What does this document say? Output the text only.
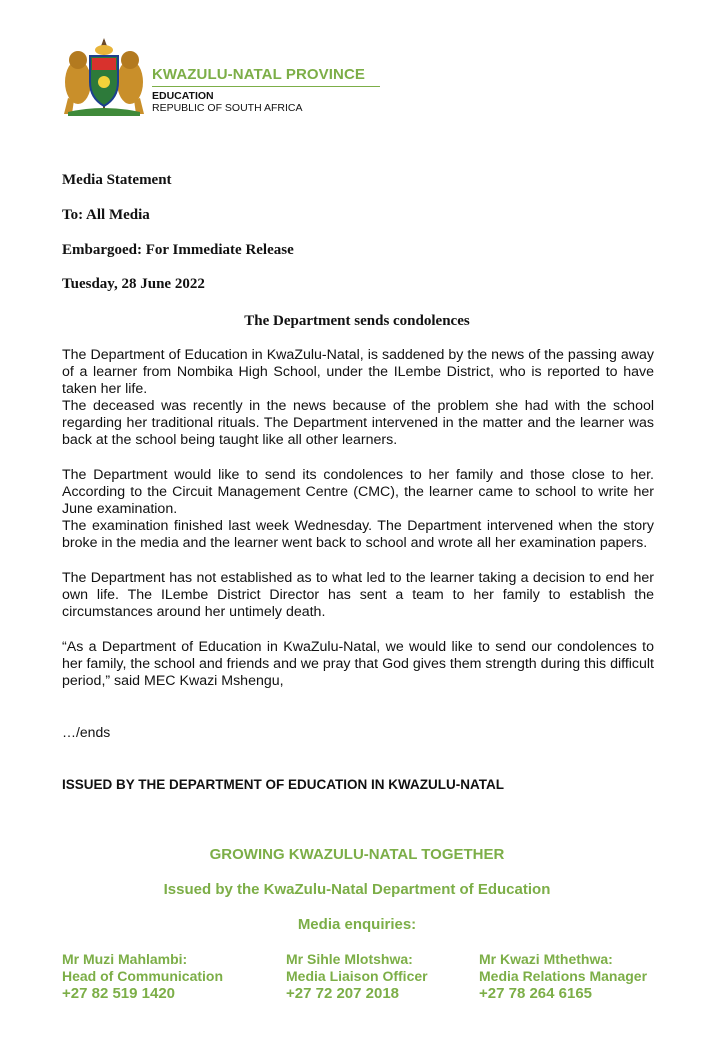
KWAZULU-NATAL PROVINCE
EDUCATION
REPUBLIC OF SOUTH AFRICA
Media Statement
To: All Media
Embargoed: For Immediate Release
Tuesday, 28 June 2022
The Department sends condolences
The Department of Education in KwaZulu-Natal, is saddened by the news of the passing away of a learner from Nombika High School, under the ILembe District, who is reported to have taken her life.
The deceased was recently in the news because of the problem she had with the school regarding her traditional rituals. The Department intervened in the matter and the learner was back at the school being taught like all other learners.
The Department would like to send its condolences to her family and those close to her. According to the Circuit Management Centre (CMC), the learner came to school to write her June examination.
The examination finished last week Wednesday. The Department intervened when the story broke in the media and the learner went back to school and wrote all her examination papers.
The Department has not established as to what led to the learner taking a decision to end her own life. The ILembe District Director has sent a team to her family to establish the circumstances around her untimely death.
“As a Department of Education in KwaZulu-Natal, we would like to send our condolences to her family, the school and friends and we pray that God gives them strength during this difficult period,” said MEC Kwazi Mshengu,
…/ends
ISSUED BY THE DEPARTMENT OF EDUCATION IN KWAZULU-NATAL
GROWING KWAZULU-NATAL TOGETHER
Issued by the KwaZulu-Natal Department of Education
Media enquiries:
Mr Muzi Mahlambi:
Head of Communication
+27 82 519 1420
Mr Sihle Mlotshwa:
Media Liaison Officer
+27 72 207 2018
Mr Kwazi Mthethwa:
Media Relations Manager
+27 78 264 6165
